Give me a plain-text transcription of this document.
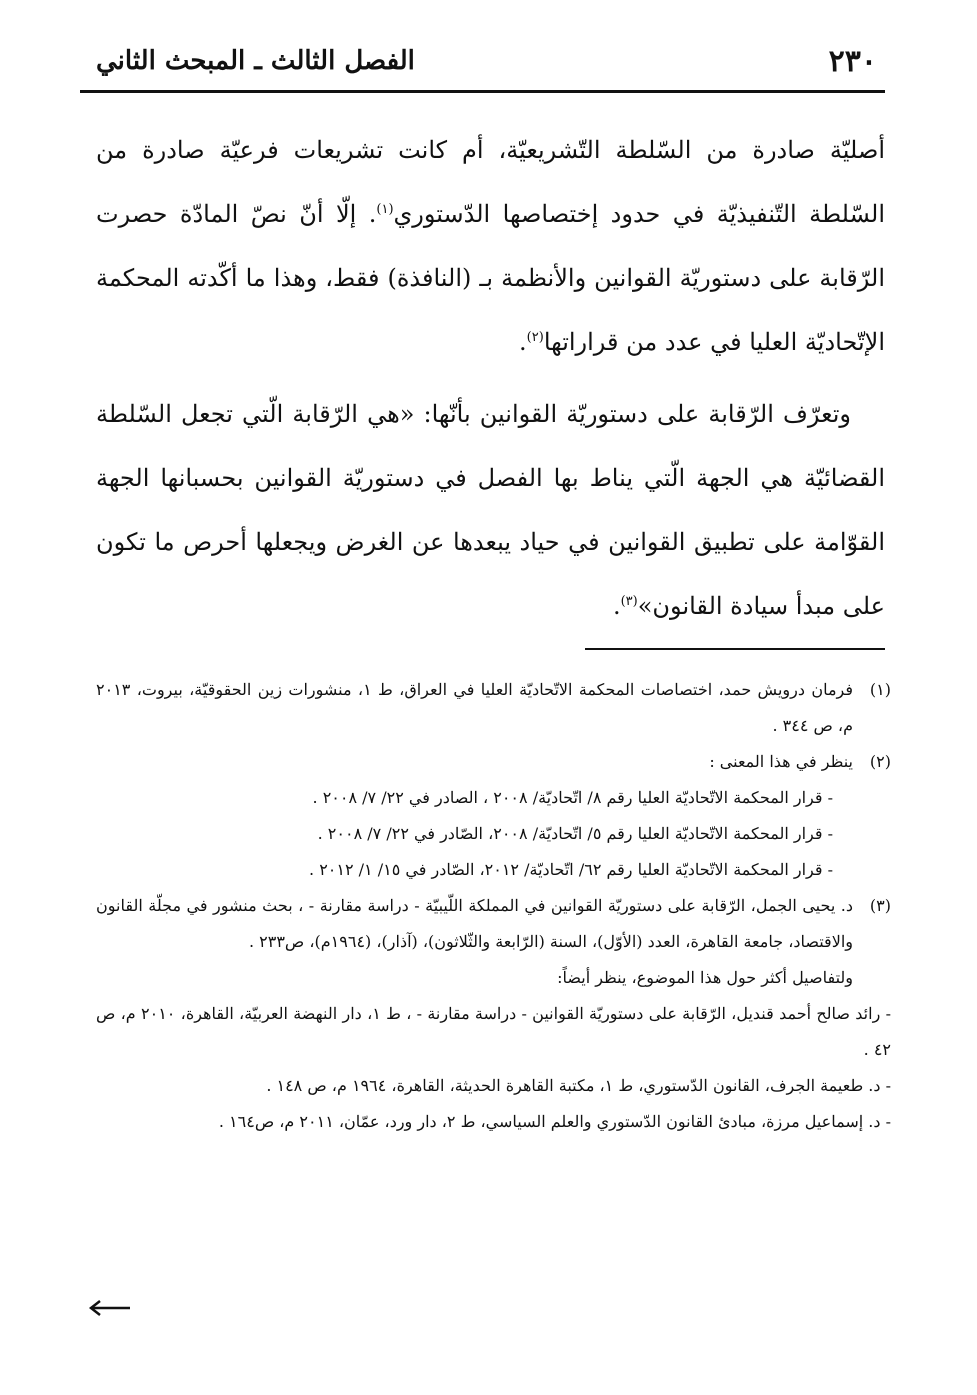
٢٣٠
الفصل الثالث ـ المبحث الثاني

أصليّة صادرة من السّلطة التّشريعيّة، أم كانت تشريعات فرعيّة صادرة من السّلطة التّنفيذيّة في حدود إختصاصها الدّستوري$^{(١)}$. إلّا أنّ نصّ المادّة حصرت الرّقابة على دستوريّة القوانين والأنظمة بـ (النافذة) فقط، وهذا ما أكّدته المحكمة الإتّحاديّة العليا في عدد من قراراتها$^{(٢)}$.

وتعرّف الرّقابة على دستوريّة القوانين بأنّها: «هي الرّقابة الّتي تجعل السّلطة القضائيّة هي الجهة الّتي يناط بها الفصل في دستوريّة القوانين بحسبانها الجهة القوّامة على تطبيق القوانين في حياد يبعدها عن الغرض ويجعلها أحرص ما تكون على مبدأ سيادة القانون»$^{(٣)}$.

(١)
فرمان درويش حمد، اختصاصات المحكمة الاتّحاديّة العليا في العراق، ط ١، منشورات زين الحقوقيّة، بيروت، ٢٠١٣ م، ص ٣٤٤ .
(٢)
ينظر في هذا المعنى :
- قرار المحكمة الاتّحاديّة العليا رقم ٨/ اتّحاديّة/ ٢٠٠٨ ، الصادر في ٢٢/ ٧/ ٢٠٠٨ .
- قرار المحكمة الاتّحاديّة العليا رقم ٥/ اتّحاديّة/ ٢٠٠٨، الصّادر في ٢٢/ ٧/ ٢٠٠٨ .
- قرار المحكمة الاتّحاديّة العليا رقم ٦٢/ اتّحاديّة/ ٢٠١٢، الصّادر في ١٥/ ١/ ٢٠١٢ .
(٣)
د. يحيى الجمل، الرّقابة على دستوريّة القوانين في المملكة اللّيبيّة - دراسة مقارنة - ، بحث منشور في مجلّة القانون والاقتصاد، جامعة القاهرة، العدد (الأوّل)، السنة (الرّابعة والثّلاثون)، (آذار)، (١٩٦٤م)، ص٢٣٣ .
ولتفاصيل أكثر حول هذا الموضوع، ينظر أيضاً:
- رائد صالح أحمد قنديل، الرّقابة على دستوريّة القوانين - دراسة مقارنة - ، ط ١، دار النهضة العربيّة، القاهرة، ٢٠١٠ م، ص ٤٢ .
- د. طعيمة الجرف، القانون الدّستوري، ط ١، مكتبة القاهرة الحديثة، القاهرة، ١٩٦٤ م، ص ١٤٨ .
- د. إسماعيل مرزة، مبادئ القانون الدّستوري والعلم السياسي، ط ٢، دار ورد، عمّان، ٢٠١١ م، ص١٦٤ .
